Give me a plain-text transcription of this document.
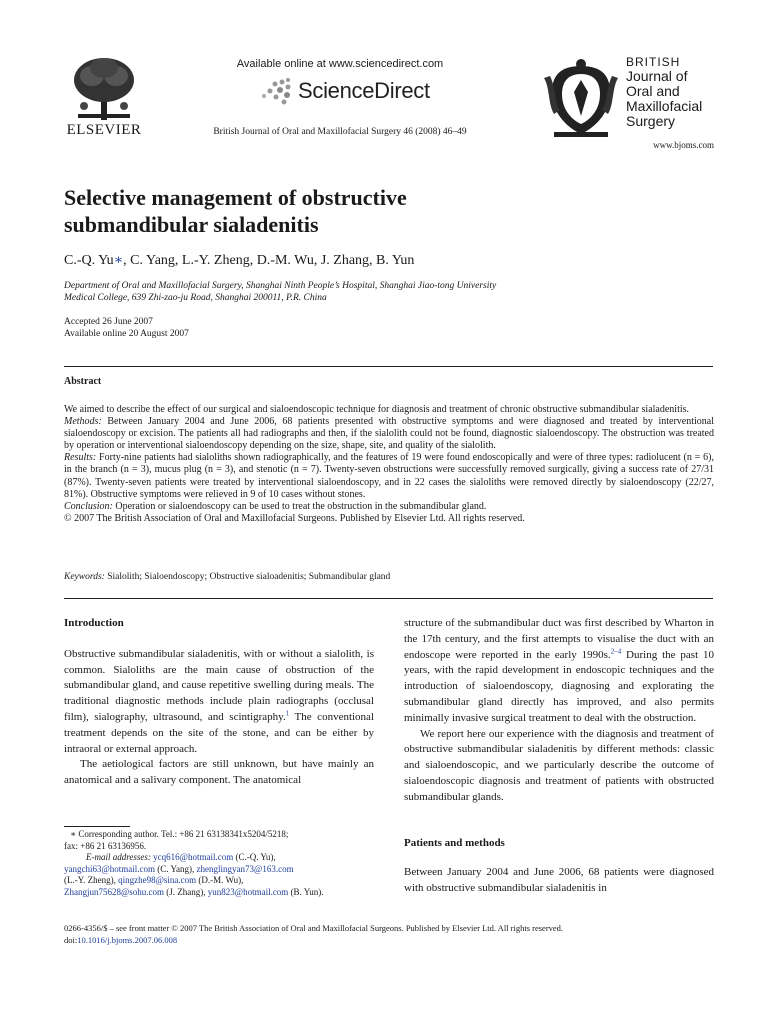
ELSEVIER
Available online at www.sciencedirect.com
ScienceDirect
British Journal of Oral and Maxillofacial Surgery 46 (2008) 46–49
BRITISH
Journal of
Oral and
Maxillofacial
Surgery
www.bjoms.com
Selective management of obstructive
submandibular sialadenitis
C.-Q. Yu∗, C. Yang, L.-Y. Zheng, D.-M. Wu, J. Zhang, B. Yun
Department of Oral and Maxillofacial Surgery, Shanghai Ninth People’s Hospital, Shanghai Jiao-tong University
Medical College, 639 Zhi-zao-ju Road, Shanghai 200011, P.R. China
Accepted 26 June 2007
Available online 20 August 2007
Abstract

We aimed to describe the effect of our surgical and sialoendoscopic technique for diagnosis and treatment of chronic obstructive submandibular sialadenitis.

Methods: Between January 2004 and June 2006, 68 patients presented with obstructive symptoms and were diagnosed and treated by interventional sialoendoscopy or excision. The patients all had radiographs and then, if the sialolith could not be found, diagnostic sialoendoscopy. The obstruction was treated by operation or interventional sialoendoscopy depending on the size, shape, site, and quality of the sialolith.

Results: Forty-nine patients had sialoliths shown radiographically, and the features of 19 were found endoscopically and were of three types: radiolucent (n = 6), in the branch (n = 3), mucus plug (n = 3), and stenotic (n = 7). Twenty-seven obstructions were successfully removed surgically, giving a success rate of 27/31 (87%). Twenty-seven patients were treated by interventional sialoendoscopy, and in 22 cases the sialoliths were removed directly by sialoendoscopy (22/27, 81%). Obstructive symptoms were relieved in 9 of 10 cases without stones.

Conclusion: Operation or sialoendoscopy can be used to treat the obstruction in the submandibular gland.

© 2007 The British Association of Oral and Maxillofacial Surgeons. Published by Elsevier Ltd. All rights reserved.

Keywords: Sialolith; Sialoendoscopy; Obstructive sialoadenitis; Submandibular gland

Introduction

Obstructive submandibular sialadenitis, with or without a sialolith, is common. Sialoliths are the main cause of obstruction of the submandibular gland, and cause repetitive swelling during meals. The traditional diagnostic methods include plain radiographs (occlusal film), sialography, ultrasound, and scintigraphy.$^1$ The conventional treatment depends on the site of the stone, and can be either by intraoral or external approach.

The aetiological factors are still unknown, but have mainly an anatomical and a salivary component. The anatomical

∗ Corresponding author. Tel.: +86 21 63138341x5204/5218;

fax: +86 21 63136956.

E-mail addresses: ycq616@hotmail.com (C.-Q. Yu),

yangchi63@hotmail.com (C. Yang), zhenglingyan73@163.com

(L.-Y. Zheng), qingzhe98@sina.com (D.-M. Wu),

Zhangjun75628@sohu.com (J. Zhang), yun823@hotmail.com (B. Yun).

structure of the submandibular duct was first described by Wharton in the 17th century, and the first attempts to visualise the duct with an endoscope were reported in the early 1990s.$^{2-4}$ During the past 10 years, with the rapid development in endoscopic techniques and the introduction of sialoendoscopy, diagnosing and explorating the submandibular gland directly has improved, and also permits minimally invasive surgical treatment to deal with the obstruction.

We report here our experience with the diagnosis and treatment of obstructive submandibular sialadenitis by different methods: classic and sialoendoscopic, and we particularly describe the outcome of sialoendoscopic diagnosis and treatment of patients with obstructed submandibular glands.

Patients and methods

Between January 2004 and June 2006, 68 patients were diagnosed with obstructive submandibular sialadenitis in

0266-4356/$ – see front matter © 2007 The British Association of Oral and Maxillofacial Surgeons. Published by Elsevier Ltd. All rights reserved.
doi:10.1016/j.bjoms.2007.06.008
